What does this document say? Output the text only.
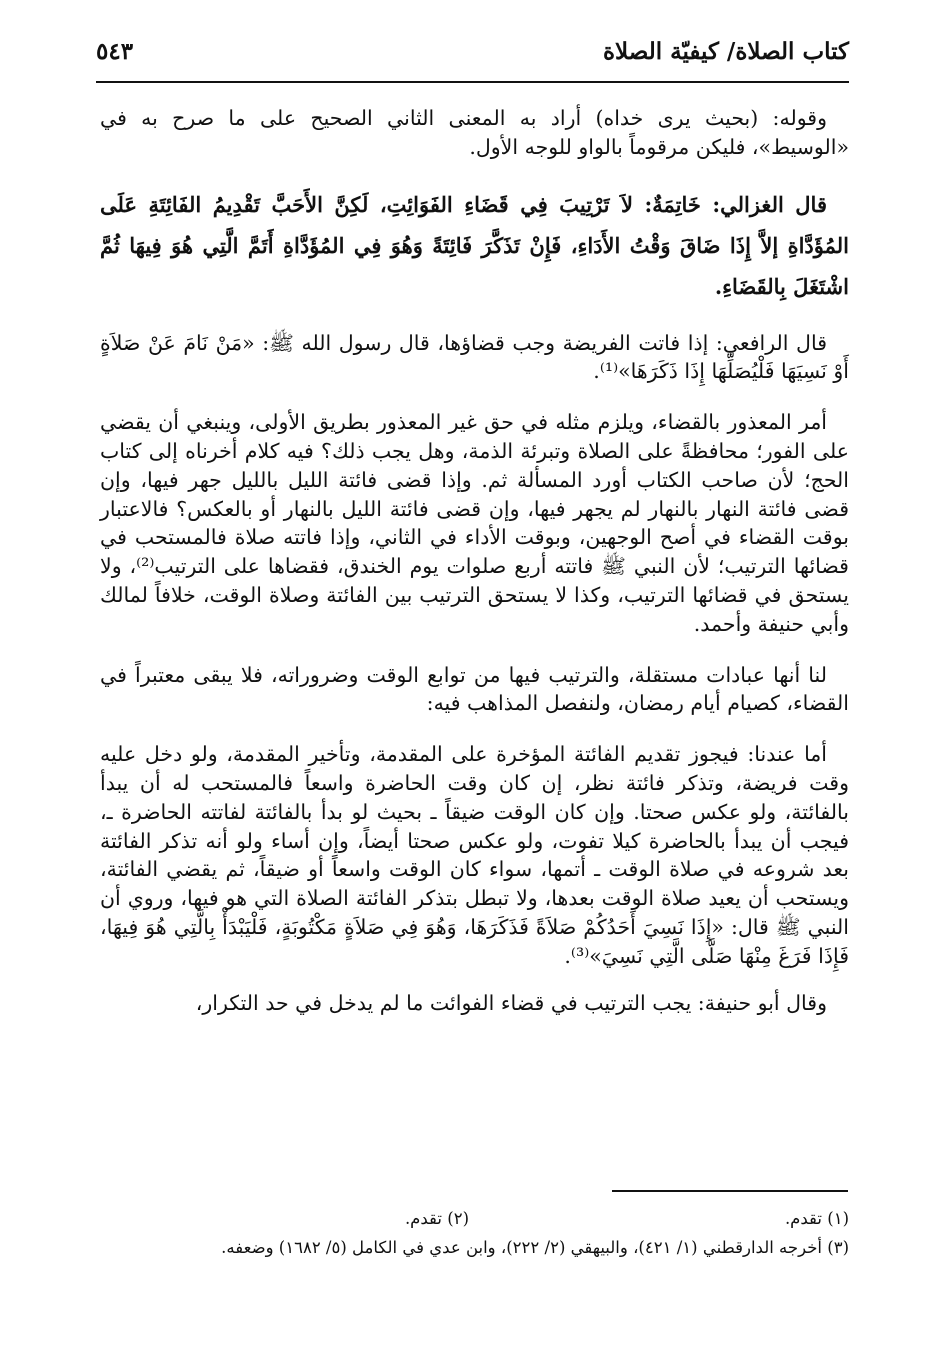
كتاب الصلاة/ كيفيّة الصلاة
٥٤٣

وقوله: (بحيث يرى خداه) أراد به المعنى الثاني الصحيح على ما صرح به في «الوسيط»، فليكن مرقوماً بالواو للوجه الأول.

قال الغزالي: خَاتِمَةٌ: لاَ تَرْتِيبَ فِي قَضَاءِ الفَوَائِتِ، لَكِنَّ الأَحَبَّ تَقْدِيمُ الفَائِتَةِ عَلَى المُؤَدَّاةِ إلاَّ إِذَا ضَاقَ وَقْتُ الأَدَاءِ، فَإِنْ تَذَكَّرَ فَائِتَةً وَهُوَ فِي المُؤَدَّاةِ أَتَمَّ الَّتِي هُوَ فِيهَا ثُمَّ اشْتَغَلَ بِالقَضَاءِ.

قال الرافعي: إذا فاتت الفريضة وجب قضاؤها، قال رسول الله ﷺ: «مَنْ نَامَ عَنْ صَلاَةٍ أَوْ نَسِيَهَا فَلْيُصَلِّهَا إِذَا ذَكَرَهَا»⁽¹⁾.

أمر المعذور بالقضاء، ويلزم مثله في حق غير المعذور بطريق الأولى، وينبغي أن يقضي على الفور؛ محافظةً على الصلاة وتبرئة الذمة، وهل يجب ذلك؟ فيه كلام أخرناه إلى كتاب الحج؛ لأن صاحب الكتاب أورد المسألة ثم. وإذا قضى فائتة الليل بالليل جهر فيها، وإن قضى فائتة النهار بالنهار لم يجهر فيها، وإن قضى فائتة الليل بالنهار أو بالعكس؟ فالاعتبار بوقت القضاء في أصح الوجهين، وبوقت الأداء في الثاني، وإذا فاتته صلاة فالمستحب في قضائها الترتيب؛ لأن النبي ﷺ فاتته أربع صلوات يوم الخندق، فقضاها على الترتيب⁽²⁾، ولا يستحق في قضائها الترتيب، وكذا لا يستحق الترتيب بين الفائتة وصلاة الوقت، خلافاً لمالك وأبي حنيفة وأحمد.

لنا أنها عبادات مستقلة، والترتيب فيها من توابع الوقت وضروراته، فلا يبقى معتبراً في القضاء، كصيام أيام رمضان، ولنفصل المذاهب فيه:

أما عندنا: فيجوز تقديم الفائتة المؤخرة على المقدمة، وتأخير المقدمة، ولو دخل عليه وقت فريضة، وتذكر فائتة نظر، إن كان وقت الحاضرة واسعاً فالمستحب له أن يبدأ بالفائتة، ولو عكس صحتا. وإن كان الوقت ضيقاً ـ بحيث لو بدأ بالفائتة لفاتته الحاضرة ـ، فيجب أن يبدأ بالحاضرة كيلا تفوت، ولو عكس صحتا أيضاً، وإن أساء ولو أنه تذكر الفائتة بعد شروعه في صلاة الوقت ـ أتمها، سواء كان الوقت واسعاً أو ضيقاً، ثم يقضي الفائتة، ويستحب أن يعيد صلاة الوقت بعدها، ولا تبطل بتذكر الفائتة الصلاة التي هو فيها، وروي أن النبي ﷺ قال: «إِذَا نَسِيَ أَحَدُكُمْ صَلاَةً فَذَكَرَهَا، وَهُوَ فِي صَلاَةٍ مَكْتُوبَةٍ، فَلْيَبْدَأْ بِالَّتِي هُوَ فِيهَا، فَإِذَا فَرَغَ مِنْهَا صَلَّى الَّتِي نَسِيَ»⁽³⁾.

وقال أبو حنيفة: يجب الترتيب في قضاء الفوائت ما لم يدخل في حد التكرار،

(١) تقدم.
(٢) تقدم.
(٣) أخرجه الدارقطني (١/ ٤٢١)، والبيهقي (٢/ ٢٢٢)، وابن عدي في الكامل (٥/ ١٦٨٢) وضعفه.
